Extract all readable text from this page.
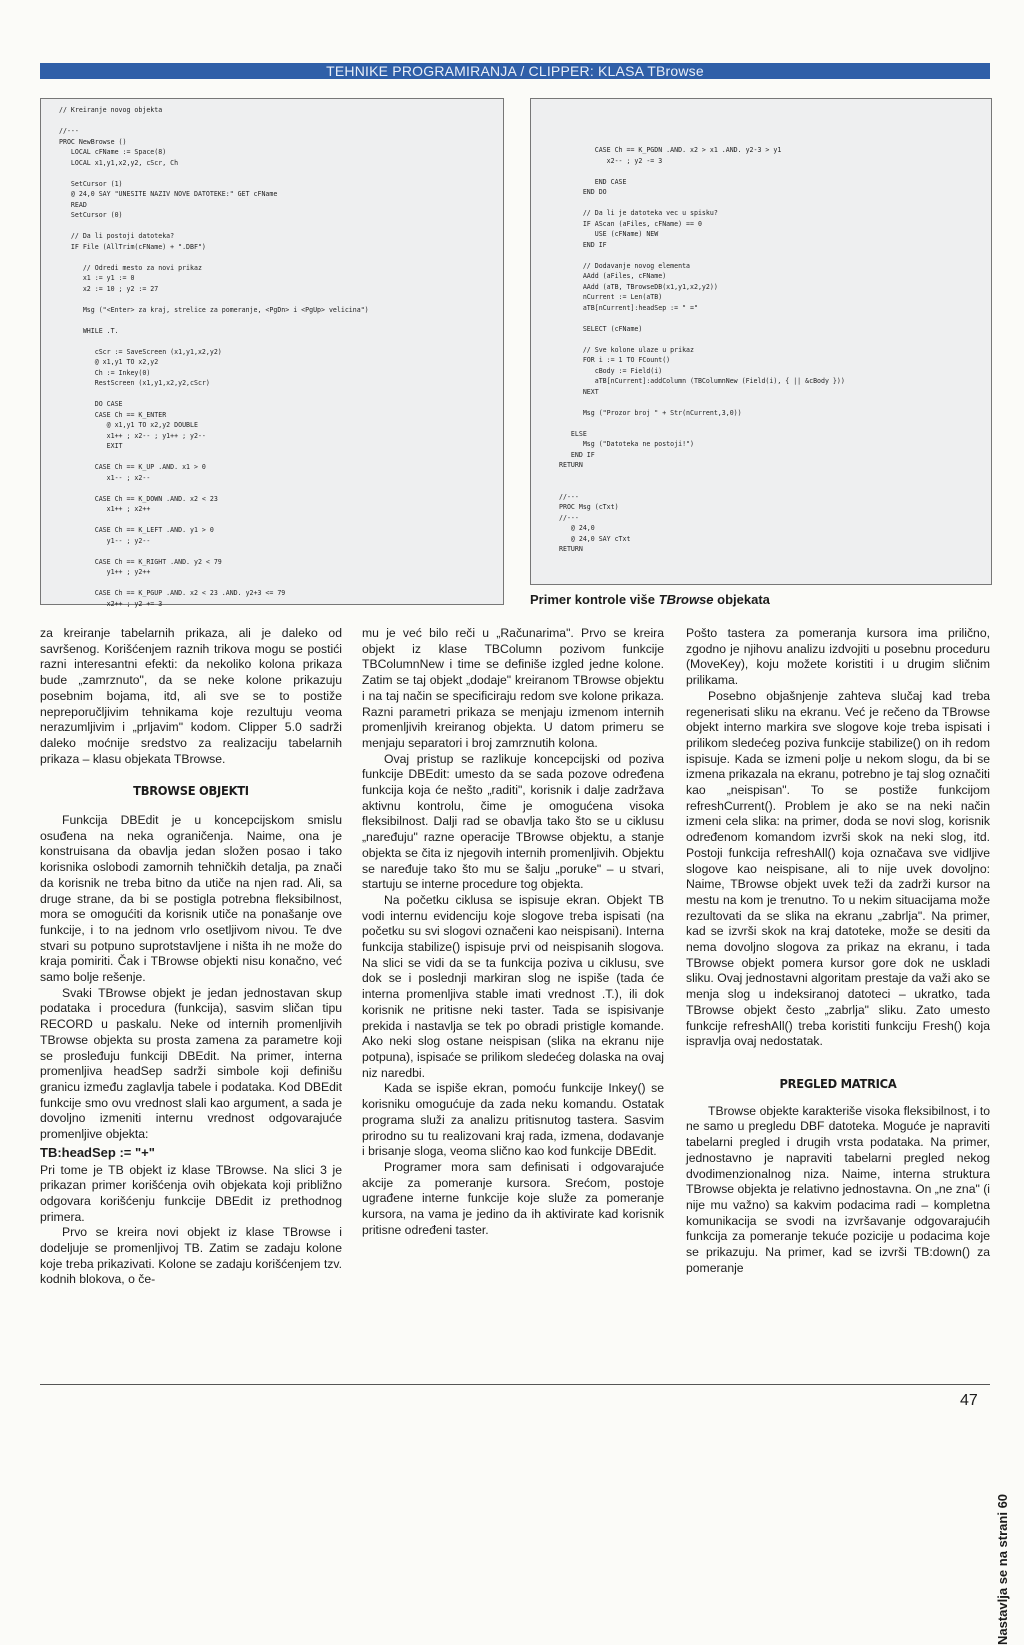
TEHNIKE PROGRAMIRANJA / CLIPPER: KLASA TBrowse
// Kreiranje novog objekta

//---
PROC NewBrowse ()
LOCAL cFName := Space(8)
LOCAL x1,y1,x2,y2, cScr, Ch

SetCursor (1)
@ 24,0 SAY "UNESITE NAZIV NOVE DATOTEKE:" GET cFName
READ
SetCursor (0)

// Da li postoji datoteka?
IF File (AllTrim(cFName) + ".DBF")

// Odredi mesto za novi prikaz
x1 := y1 := 0
x2 := 10 ; y2 := 27

Msg ("<Enter> za kraj, strelice za pomeranje, <PgDn> i <PgUp> velicina")

WHILE .T.

cScr := SaveScreen (x1,y1,x2,y2)
@ x1,y1 TO x2,y2
Ch := Inkey(0)
RestScreen (x1,y1,x2,y2,cScr)

DO CASE
CASE Ch == K_ENTER
@ x1,y1 TO x2,y2 DOUBLE
x1++ ; x2-- ; y1++ ; y2--
EXIT

CASE Ch == K_UP .AND. x1 > 0
x1-- ; x2--

CASE Ch == K_DOWN .AND. x2 < 23
x1++ ; x2++

CASE Ch == K_LEFT .AND. y1 > 0
y1-- ; y2--

CASE Ch == K_RIGHT .AND. y2 < 79
y1++ ; y2++

CASE Ch == K_PGUP .AND. x2 < 23 .AND. y2+3 <= 79
x2++ ; y2 += 3
CASE Ch == K_PGDN .AND. x2 > x1 .AND. y2-3 > y1
x2-- ; y2 -= 3

END CASE
END DO

// Da li je datoteka vec u spisku?
IF AScan (aFiles, cFName) == 0
USE (cFName) NEW
END IF

// Dodavanje novog elementa
AAdd (aFiles, cFName)
AAdd (aTB, TBrowseDB(x1,y1,x2,y2))
nCurrent := Len(aTB)
aTB[nCurrent]:headSep := " ="

SELECT (cFName)

// Sve kolone ulaze u prikaz
FOR i := 1 TO FCount()
cBody := Field(i)
aTB[nCurrent]:addColumn (TBColumnNew (Field(i), { || &cBody }))
NEXT

Msg ("Prozor broj " + Str(nCurrent,3,0))

ELSE
Msg ("Datoteka ne postoji!")
END IF
RETURN

//---
PROC Msg (cTxt)
//---
@ 24,0
@ 24,0 SAY cTxt
RETURN
Primer kontrole više TBrowse objekata

za kreiranje tabelarnih prikaza, ali je daleko od savršenog. Korišćenjem raznih trikova mogu se postići razni interesantni efekti: da nekoliko kolona prikaza bude „zamrznuto", da se neke kolone prikazuju posebnim bojama, itd, ali sve se to postiže nepreporučljivim tehnikama koje rezultuju veoma nerazumljivim i „prljavim" kodom. Clipper 5.0 sadrži daleko moćnije sredstvo za realizaciju tabelarnih prikaza – klasu objekata TBrowse.

TBROWSE OBJEKTI

Funkcija DBEdit je u koncepcijskom smislu osuđena na neka ograničenja. Naime, ona je konstruisana da obavlja jedan složen posao i tako korisnika oslobodi zamornih tehničkih detalja, pa znači da korisnik ne treba bitno da utiče na njen rad. Ali, sa druge strane, da bi se postigla potrebna fleksibilnost, mora se omogućiti da korisnik utiče na ponašanje ove funkcije, i to na jednom vrlo osetljivom nivou. Te dve stvari su potpuno suprotstavljene i ništa ih ne može do kraja pomiriti. Čak i TBrowse objekti nisu konačno, već samo bolje rešenje.

Svaki TBrowse objekt je jedan jednostavan skup podataka i procedura (funkcija), sasvim sličan tipu RECORD u paskalu. Neke od internih promenljivih TBrowse objekta su prosta zamena za parametre koji se prosleđuju funkciji DBEdit. Na primer, interna promenljiva headSep sadrži simbole koji definišu granicu između zaglavlja tabele i podataka. Kod DBEdit funkcije smo ovu vrednost slali kao argument, a sada je dovoljno izmeniti internu vrednost odgovarajuće promenljive objekta:

TB:headSep := "+"

Pri tome je TB objekt iz klase TBrowse. Na slici 3 je prikazan primer korišćenja ovih objekata koji približno odgovara korišćenju funkcije DBEdit iz prethodnog primera.

Prvo se kreira novi objekt iz klase TBrowse i dodeljuje se promenljivoj TB. Zatim se zadaju kolone koje treba prikazivati. Kolone se zadaju korišćenjem tzv. kodnih blokova, o če-

mu je već bilo reči u „Računarima". Prvo se kreira objekt iz klase TBColumn pozivom funkcije TBColumnNew i time se definiše izgled jedne kolone. Zatim se taj objekt „dodaje" kreiranom TBrowse objektu i na taj način se specificiraju redom sve kolone prikaza. Razni parametri prikaza se menjaju izmenom internih promenljivih kreiranog objekta. U datom primeru se menjaju separatori i broj zamrznutih kolona.

Ovaj pristup se razlikuje koncepcijski od poziva funkcije DBEdit: umesto da se sada pozove određena funkcija koja će nešto „raditi", korisnik i dalje zadržava aktivnu kontrolu, čime je omogućena visoka fleksibilnost. Dalji rad se obavlja tako što se u ciklusu „naređuju" razne operacije TBrowse objektu, a stanje objekta se čita iz njegovih internih promenljivih. Objektu se naređuje tako što mu se šalju „poruke" – u stvari, startuju se interne procedure tog objekta.

Na početku ciklusa se ispisuje ekran. Objekt TB vodi internu evidenciju koje slogove treba ispisati (na početku su svi slogovi označeni kao neispisani). Interna funkcija stabilize() ispisuje prvi od neispisanih slogova. Na slici se vidi da se ta funkcija poziva u ciklusu, sve dok se i poslednji markiran slog ne ispiše (tada će interna promenljiva stable imati vrednost .T.), ili dok korisnik ne pritisne neki taster. Tada se ispisivanje prekida i nastavlja se tek po obradi pristigle komande. Ako neki slog ostane neispisan (slika na ekranu nije potpuna), ispisaće se prilikom sledećeg dolaska na ovaj niz naredbi.

Kada se ispiše ekran, pomoću funkcije Inkey() se korisniku omogućuje da zada neku komandu. Ostatak programa služi za analizu pritisnutog tastera. Sasvim prirodno su tu realizovani kraj rada, izmena, dodavanje i brisanje sloga, veoma slično kao kod funkcije DBEdit.

Programer mora sam definisati i odgovarajuće akcije za pomeranje kursora. Srećom, postoje ugrađene interne funkcije koje služe za pomeranje kursora, na vama je jedino da ih aktivirate kad korisnik pritisne određeni taster.

Pošto tastera za pomeranja kursora ima prilično, zgodno je njihovu analizu izdvojiti u posebnu proceduru (MoveKey), koju možete koristiti i u drugim sličnim prilikama.

Posebno objašnjenje zahteva slučaj kad treba regenerisati sliku na ekranu. Već je rečeno da TBrowse objekt interno markira sve slogove koje treba ispisati i prilikom sledećeg poziva funkcije stabilize() on ih redom ispisuje. Kada se izmeni polje u nekom slogu, da bi se izmena prikazala na ekranu, potrebno je taj slog označiti kao „neispisan". To se postiže funkcijom refreshCurrent(). Problem je ako se na neki način izmeni cela slika: na primer, doda se novi slog, korisnik određenom komandom izvrši skok na neki slog, itd. Postoji funkcija refreshAll() koja označava sve vidljive slogove kao neispisane, ali to nije uvek dovoljno: Naime, TBrowse objekt uvek teži da zadrži kursor na mestu na kom je trenutno. To u nekim situacijama može rezultovati da se slika na ekranu „zabrlja". Na primer, kad se izvrši skok na kraj datoteke, može se desiti da nema dovoljno slogova za prikaz na ekranu, i tada TBrowse objekt pomera kursor gore dok ne uskladi sliku. Ovaj jednostavni algoritam prestaje da važi ako se menja slog u indeksiranoj datoteci – ukratko, tada TBrowse objekt često „zabrlja" sliku. Zato umesto funkcije refreshAll() treba koristiti funkciju Fresh() koja ispravlja ovaj nedostatak.

PREGLED MATRICA

TBrowse objekte karakteriše visoka fleksibilnost, i to ne samo u pregledu DBF datoteka. Moguće je napraviti tabelarni pregled i drugih vrsta podataka. Na primer, jednostavno je napraviti tabelarni pregled nekog dvodimenzionalnog niza. Naime, interna struktura TBrowse objekta je relativno jednostavna. On „ne zna" (i nije mu važno) sa kakvim podacima radi – kompletna komunikacija se svodi na izvršavanje odgovarajućih funkcija za pomeranje tekuće pozicije u podacima koje se prikazuju. Na primer, kad se izvrši TB:down() za pomeranje

Nastavlja se na strani 60
47
